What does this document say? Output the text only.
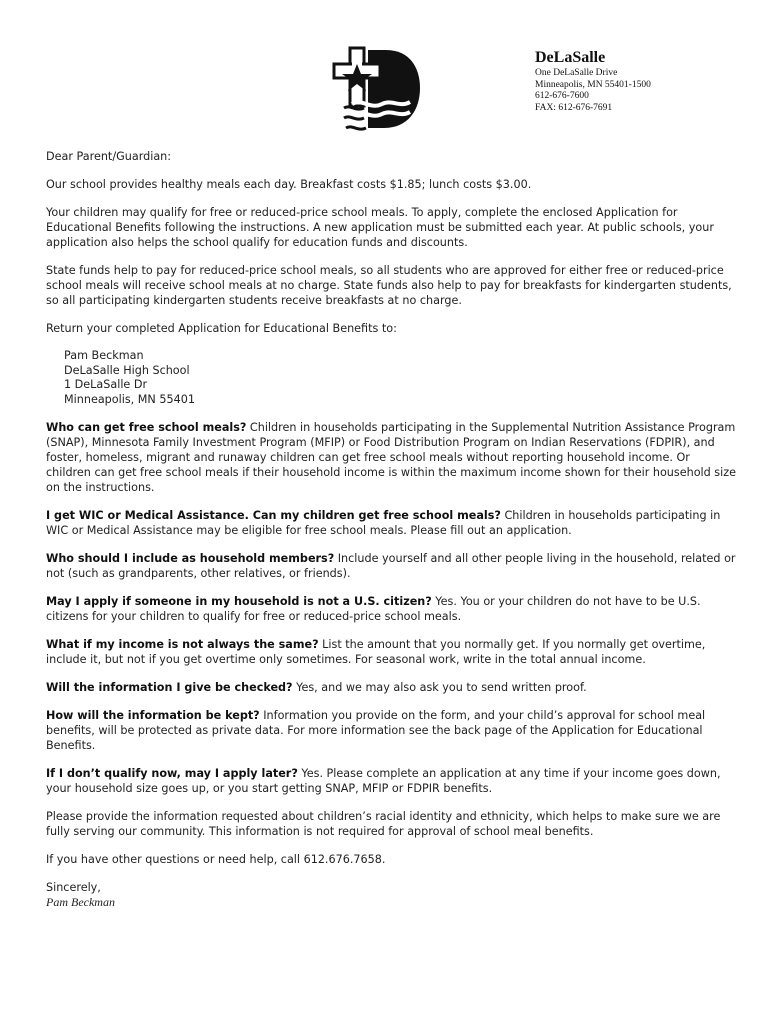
DeLaSalle
One DeLaSalle Drive
Minneapolis, MN 55401-1500
612-676-7600
FAX: 612-676-7691

Dear Parent/Guardian:

Our school provides healthy meals each day. Breakfast costs $1.85; lunch costs $3.00.

Your children may qualify for free or reduced-price school meals. To apply, complete the enclosed Application for Educational Benefits following the instructions. A new application must be submitted each year. At public schools, your application also helps the school qualify for education funds and discounts.

State funds help to pay for reduced-price school meals, so all students who are approved for either free or reduced-price school meals will receive school meals at no charge. State funds also help to pay for breakfasts for kindergarten students, so all participating kindergarten students receive breakfasts at no charge.

Return your completed Application for Educational Benefits to:

Pam Beckman
DeLaSalle High School
1 DeLaSalle Dr
Minneapolis, MN 55401

Who can get free school meals? Children in households participating in the Supplemental Nutrition Assistance Program (SNAP), Minnesota Family Investment Program (MFIP) or Food Distribution Program on Indian Reservations (FDPIR), and foster, homeless, migrant and runaway children can get free school meals without reporting household income. Or children can get free school meals if their household income is within the maximum income shown for their household size on the instructions.

I get WIC or Medical Assistance. Can my children get free school meals? Children in households participating in WIC or Medical Assistance may be eligible for free school meals. Please fill out an application.

Who should I include as household members? Include yourself and all other people living in the household, related or not (such as grandparents, other relatives, or friends).

May I apply if someone in my household is not a U.S. citizen? Yes. You or your children do not have to be U.S. citizens for your children to qualify for free or reduced-price school meals.

What if my income is not always the same? List the amount that you normally get. If you normally get overtime, include it, but not if you get overtime only sometimes. For seasonal work, write in the total annual income.

Will the information I give be checked? Yes, and we may also ask you to send written proof.

How will the information be kept? Information you provide on the form, and your child’s approval for school meal benefits, will be protected as private data. For more information see the back page of the Application for Educational Benefits.

If I don’t qualify now, may I apply later? Yes. Please complete an application at any time if your income goes down, your household size goes up, or you start getting SNAP, MFIP or FDPIR benefits.

Please provide the information requested about children’s racial identity and ethnicity, which helps to make sure we are fully serving our community. This information is not required for approval of school meal benefits.

If you have other questions or need help, call 612.676.7658.

Sincerely,
Pam Beckman
